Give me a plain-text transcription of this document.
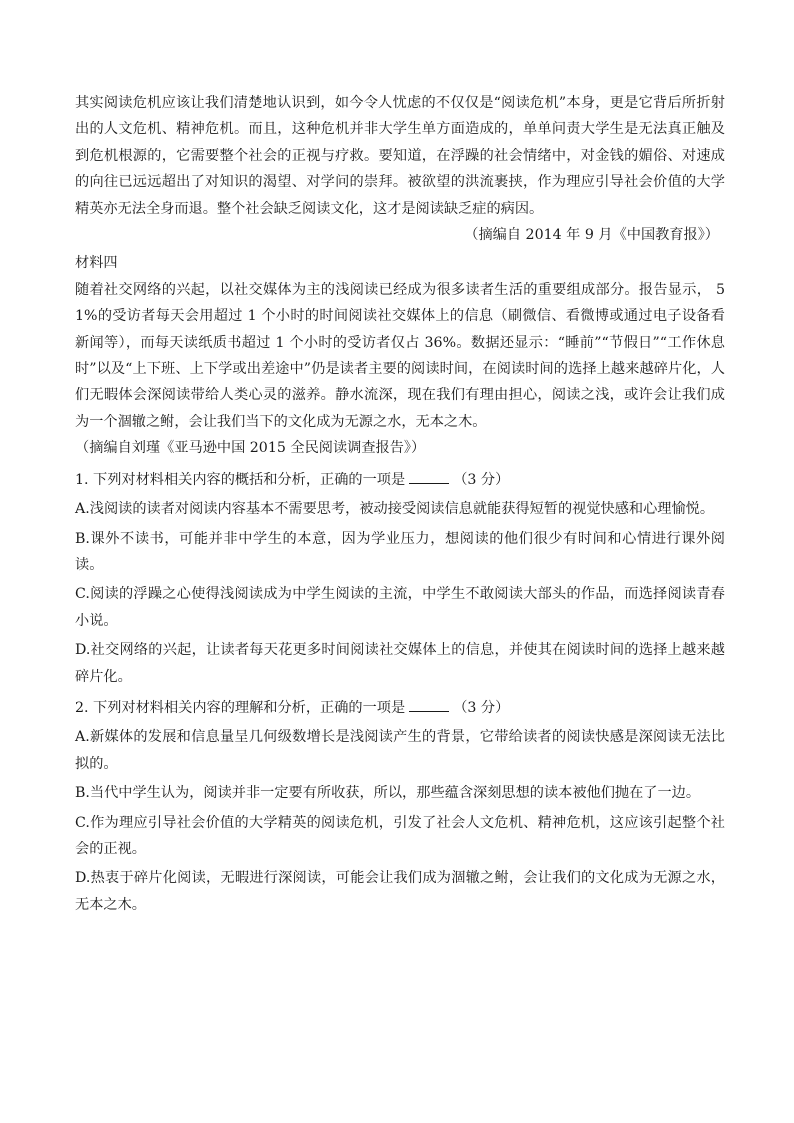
其实阅读危机应该让我们清楚地认识到，如今令人忧虑的不仅仅是“阅读危机”本身，更是它背后所折射出的人文危机、精神危机。而且，这种危机并非大学生单方面造成的，单单问责大学生是无法真正触及到危机根源的，它需要整个社会的正视与疗救。要知道，在浮躁的社会情绪中，对金钱的媚俗、对速成的向往已远远超出了对知识的渴望、对学问的崇拜。被欲望的洪流裹挟，作为理应引导社会价值的大学精英亦无法全身而退。整个社会缺乏阅读文化，这才是阅读缺乏症的病因。

（摘编自 2014 年 9 月《中国教育报》）

材料四

随着社交网络的兴起，以社交媒体为主的浅阅读已经成为很多读者生活的重要组成部分。报告显示， 51%的受访者每天会用超过 1 个小时的时间阅读社交媒体上的信息（刷微信、看微博或通过电子设备看新闻等），而每天读纸质书超过 1 个小时的受访者仅占 36%。数据还显示：“睡前”“节假日”“工作休息时”以及“上下班、上下学或出差途中”仍是读者主要的阅读时间，在阅读时间的选择上越来越碎片化，人们无暇体会深阅读带给人类心灵的滋养。静水流深，现在我们有理由担心，阅读之浅，或许会让我们成为一个涸辙之鲋，会让我们当下的文化成为无源之水，无本之木。

（摘编自刘瑾《亚马逊中国 2015 全民阅读调查报告》）

1. 下列对材料相关内容的概括和分析，正确的一项是	（3 分）

A.浅阅读的读者对阅读内容基本不需要思考，被动接受阅读信息就能获得短暂的视觉快感和心理愉悦。

B.课外不读书，可能并非中学生的本意，因为学业压力，想阅读的他们很少有时间和心情进行课外阅读。

C.阅读的浮躁之心使得浅阅读成为中学生阅读的主流，中学生不敢阅读大部头的作品，而选择阅读青春小说。

D.社交网络的兴起，让读者每天花更多时间阅读社交媒体上的信息，并使其在阅读时间的选择上越来越碎片化。

2. 下列对材料相关内容的理解和分析，正确的一项是	（3 分）

A.新媒体的发展和信息量呈几何级数增长是浅阅读产生的背景，它带给读者的阅读快感是深阅读无法比拟的。

B.当代中学生认为，阅读并非一定要有所收获，所以，那些蕴含深刻思想的读本被他们抛在了一边。

C.作为理应引导社会价值的大学精英的阅读危机，引发了社会人文危机、精神危机，这应该引起整个社会的正视。

D.热衷于碎片化阅读，无暇进行深阅读，可能会让我们成为涸辙之鲋，会让我们的文化成为无源之水，无本之木。
